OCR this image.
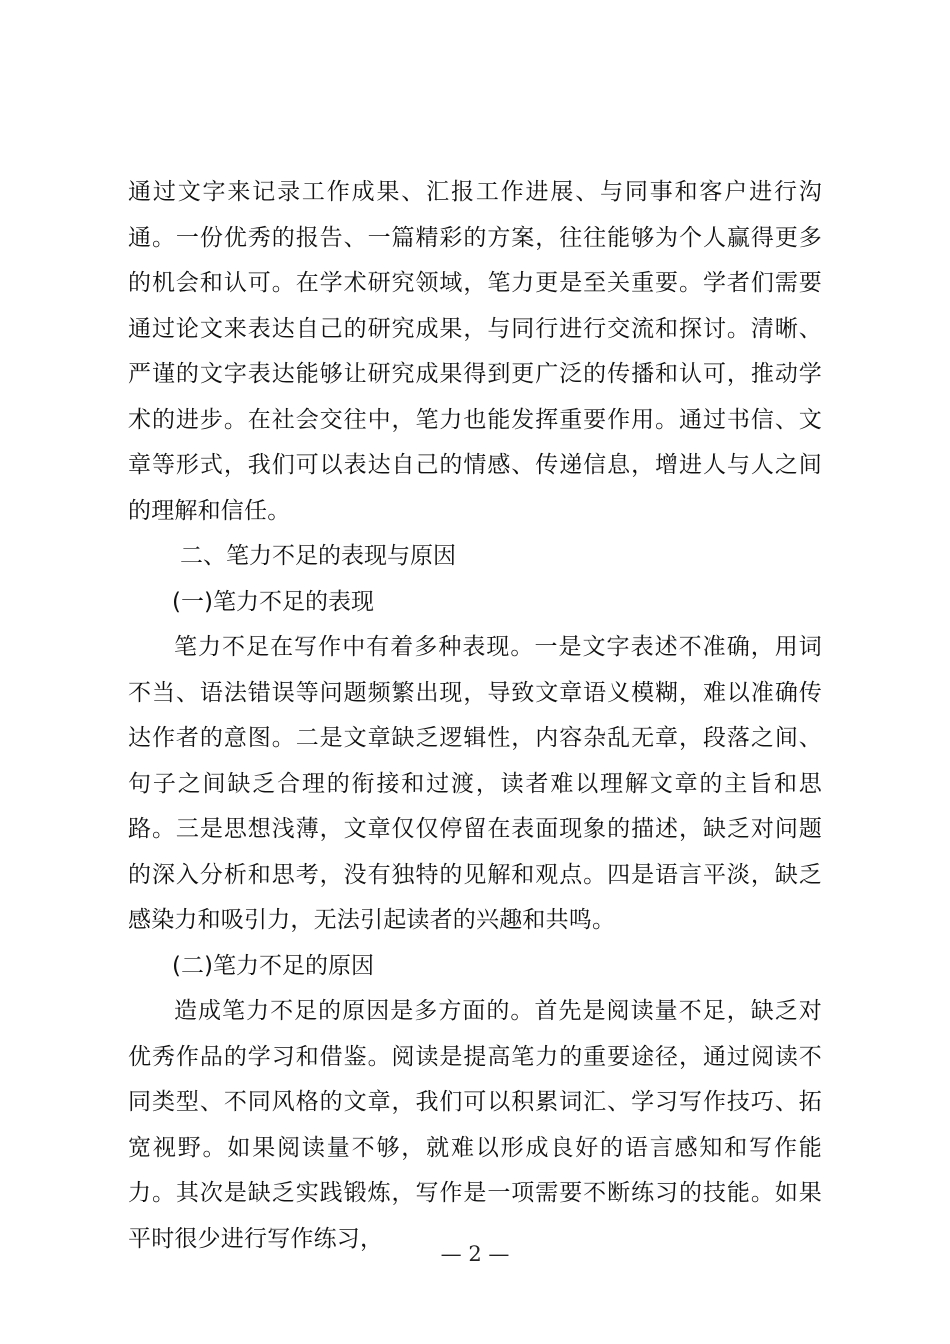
通过文字来记录工作成果、汇报工作进展、与同事和客户进行沟通。一份优秀的报告、一篇精彩的方案，往往能够为个人赢得更多的机会和认可。在学术研究领域，笔力更是至关重要。学者们需要通过论文来表达自己的研究成果，与同行进行交流和探讨。清晰、严谨的文字表达能够让研究成果得到更广泛的传播和认可，推动学术的进步。在社会交往中，笔力也能发挥重要作用。通过书信、文章等形式，我们可以表达自己的情感、传递信息，增进人与人之间的理解和信任。

二、笔力不足的表现与原因

(一)笔力不足的表现

笔力不足在写作中有着多种表现。一是文字表述不准确，用词不当、语法错误等问题频繁出现，导致文章语义模糊，难以准确传达作者的意图。二是文章缺乏逻辑性，内容杂乱无章，段落之间、句子之间缺乏合理的衔接和过渡，读者难以理解文章的主旨和思路。三是思想浅薄，文章仅仅停留在表面现象的描述，缺乏对问题的深入分析和思考，没有独特的见解和观点。四是语言平淡，缺乏感染力和吸引力，无法引起读者的兴趣和共鸣。

(二)笔力不足的原因

造成笔力不足的原因是多方面的。首先是阅读量不足，缺乏对优秀作品的学习和借鉴。阅读是提高笔力的重要途径，通过阅读不同类型、不同风格的文章，我们可以积累词汇、学习写作技巧、拓宽视野。如果阅读量不够，就难以形成良好的语言感知和写作能力。其次是缺乏实践锻炼，写作是一项需要不断练习的技能。如果平时很少进行写作练习，

— 2 —
